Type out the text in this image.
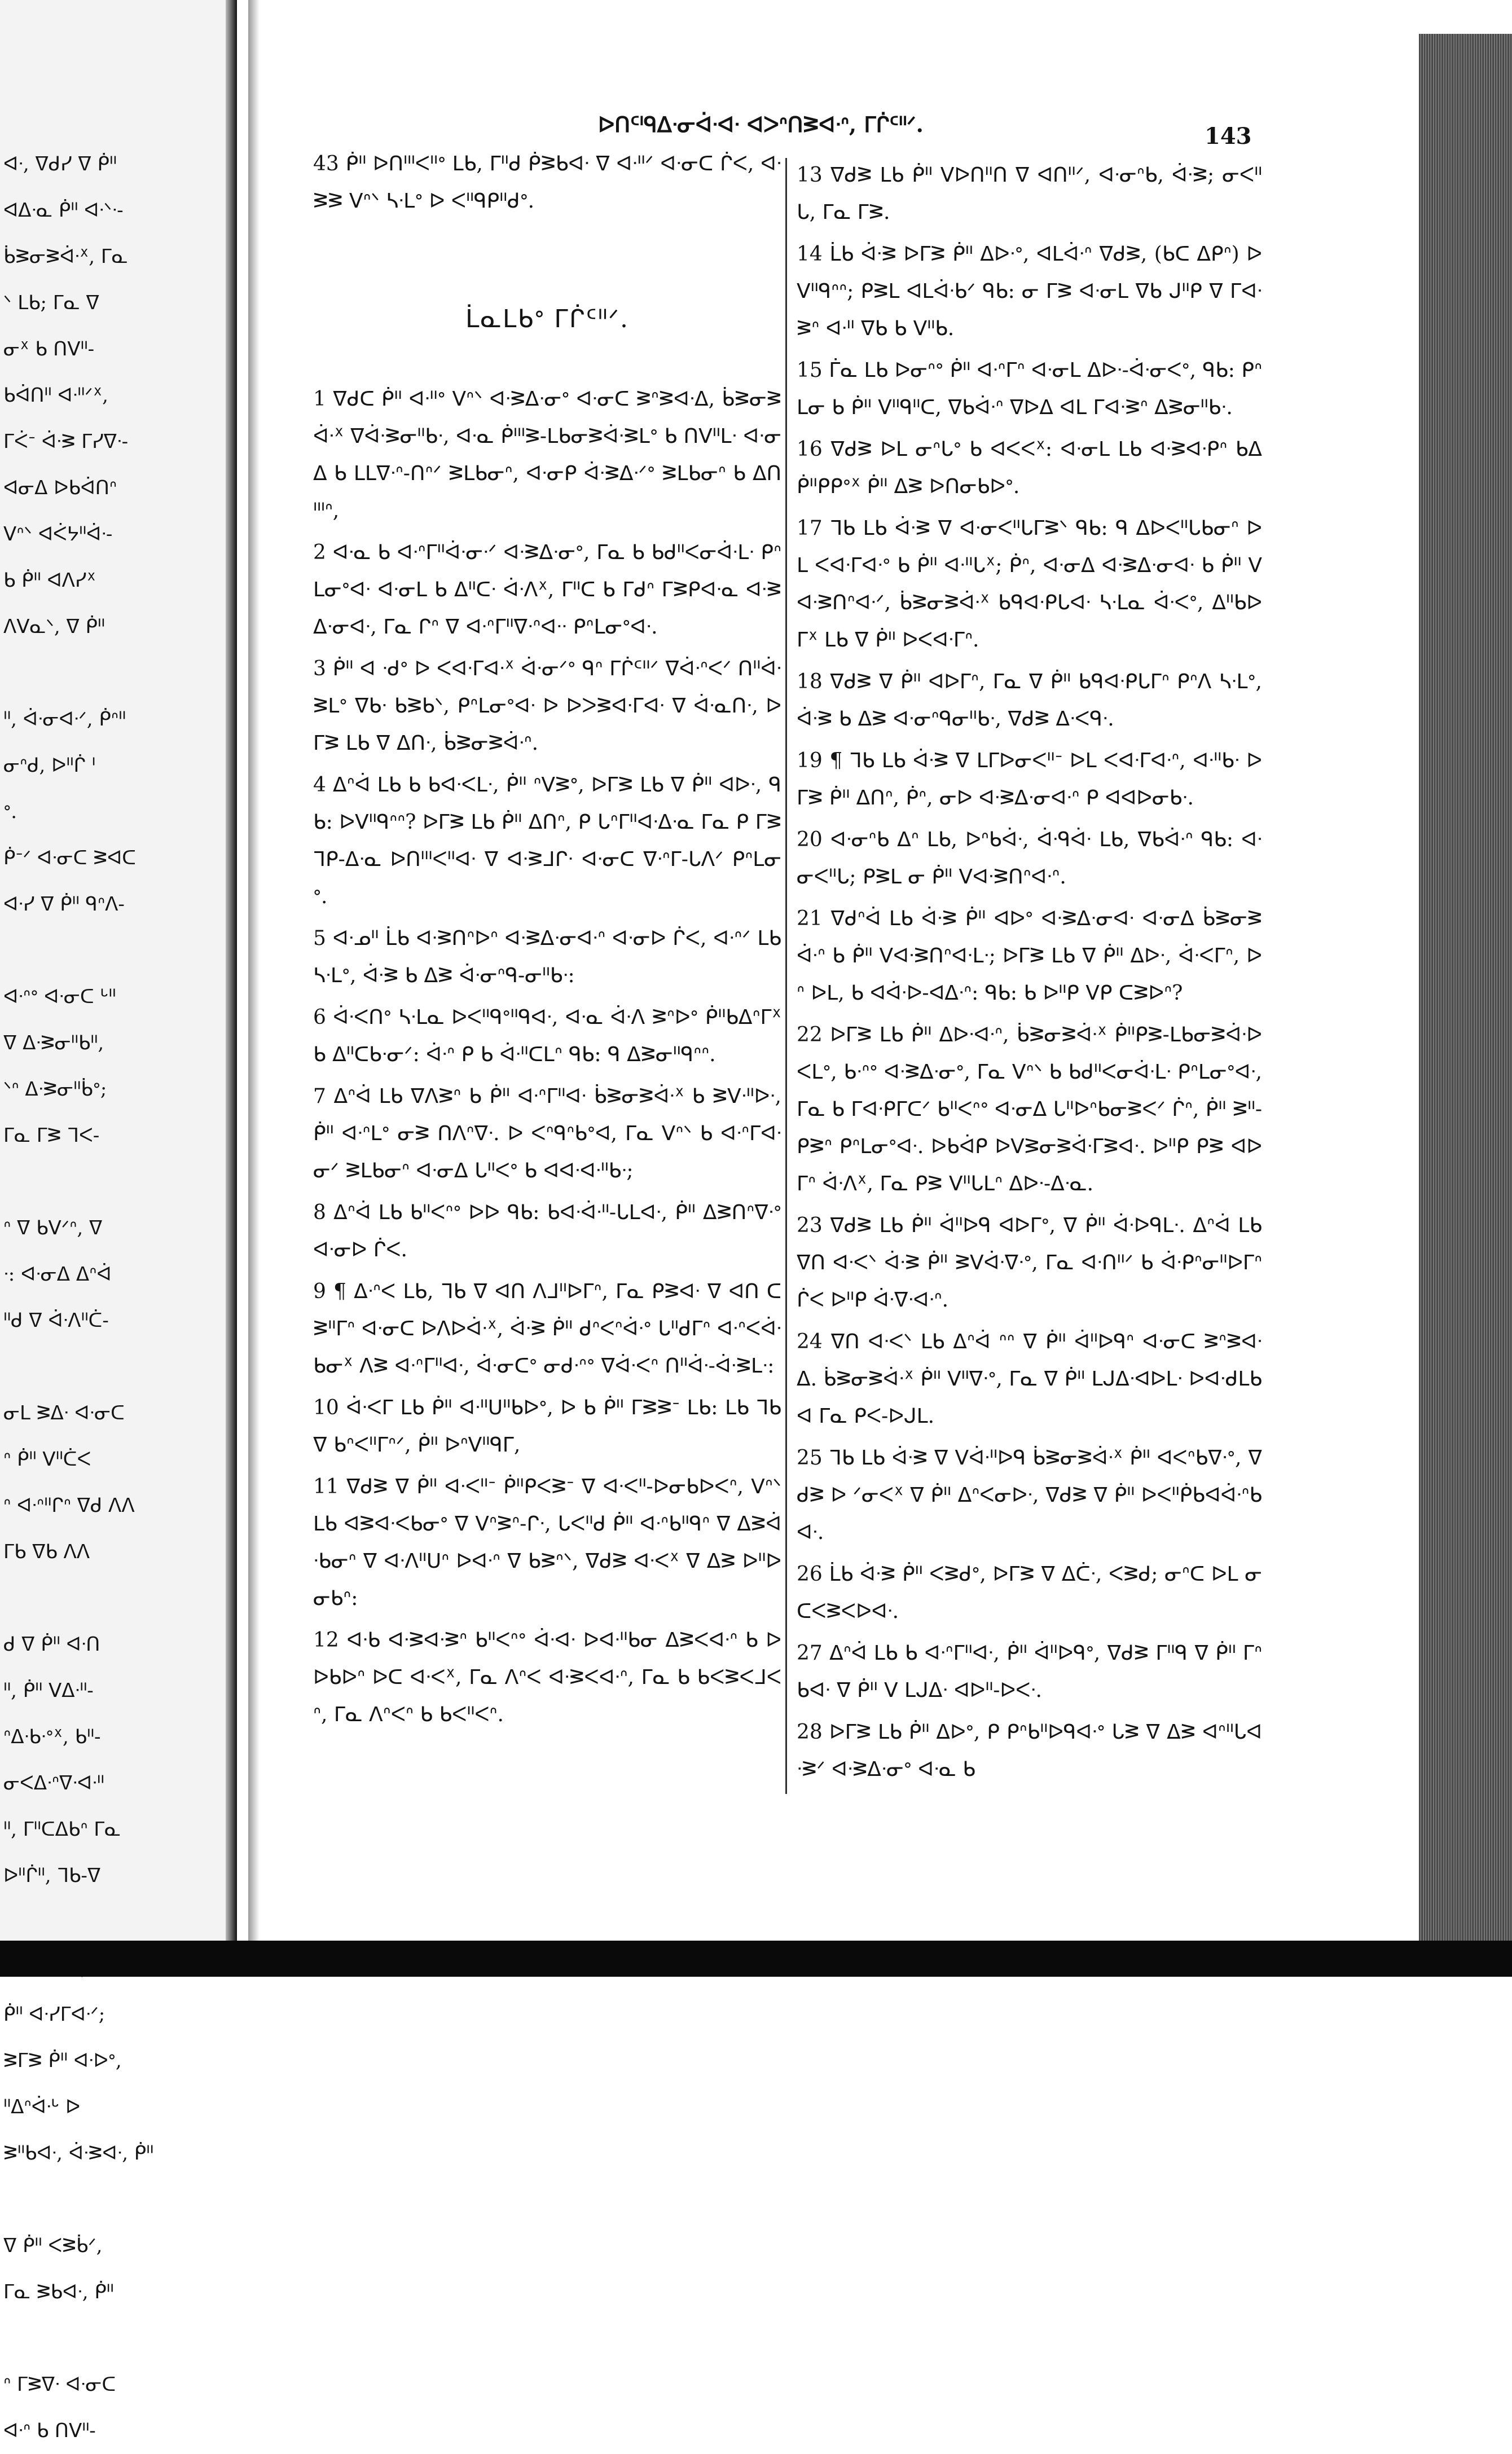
ᐊᐧ, ᐁᑯᓯ ᐁ ᑮᐦ
ᐊᐃᐧᓇ ᑮᐦ ᐊᐧᐠᐧ-
ᑳᕒᓂᕒᐋᐧᕽ, ᒥᓇ
ᐠ ᒪᑲ; ᒥᓇ ᐁ
ᓂᕽ ᑲ ᑎᐯᐦ-
ᑲᐋᑎᐦ ᐊᐧᐦᐟᕽ,
ᒥᐹᐨ ᐋᐧᕒ ᒥᓯᐁᐧ-
ᐊᓂᐃ ᐅᑲᐋᑎᐢ
ᐯᐢᐠ ᐊᐹᔭᐦᐋᐧ-
ᑲ ᑮᐦ ᐊᐱᓯᕽ
ᐱᐯᓇᐠ, ᐁ ᑮᐦ
ᐦ, ᐋᐧᓂᐊᐧᐟ, ᑮᐢᐦ
ᓂᐢᑯ, ᐅᐦᒌ ᑊ
ᐤ.
ᑮᐨᐟ ᐊᐧᓂᑕ ᕒᐊᑕ
ᐊᐧᓯ ᐁ ᑮᐦ ᑫᐢᐱ-
ᐊᐧᐢᐤ ᐊᐧᓂᑕ ᒡᐦ
ᐁ ᐃᐧᕒᓂᐦᑲᐦ,
ᐠᐢ ᐃᐧᕒᓂᐦᑳᐤ;
ᒥᓇ ᒥᕒ ᒣᐸ-
ᐢ ᐁ ᑲᐯᐟᐢ, ᐁ
ᐧ: ᐊᐧᓂᐃ ᐃᐢᐋ
ᐦᑯ ᐁ ᐋᐧᐱᐦᑖ-
ᓂᒪ ᕒᐃᐧ ᐊᐧᓂᑕ
ᐢ ᑮᐦ ᐯᐦᑖᐸ
ᐢ ᐊᐧᐢᐦᒋᐢ ᐁᑯ ᐱᐱ
ᒥᑲ ᐁᑲ ᐱᐱ
ᑯ ᐁ ᑮᐦ ᐊᐧᑎ
ᐦ, ᑮᐦ ᐯᐃᐧᐦ-
ᐢᐃᐧᑲᐧᐤᕽ, ᑲᐦ-
ᓂᐸᐃᐧᐢᐁᐧᐊᐧᐦ
ᐦ, ᒥᐦᑕᐃᑲᐢ ᒥᓇ
ᐅᐦᒌᐦ, ᒣᑲ-ᐁ
ᑮᐦ ᐊᐧᓯᒥᐊᐧᐟ;
ᕒᒥᕒ ᑮᐦ ᐊᐧᐅᐤ,
ᐦᐃᐢᐋᐧᒡ ᐅ
ᕒᐦᑲᐊᐧ, ᐋᐧᕒᐊᐧ, ᑮᐦ
ᐁ ᑮᐦ ᐸᕒᑳᐟ,
ᒥᓇ ᕒᑲᐊᐧ, ᑮᐦ
ᐢ ᒥᕒᐁᐧ ᐊᐧᓂᑕ
ᐊᐧᐢ ᑲ ᑎᐯᐦ-
ᐅᑎᑦᑊᑫᐃᐧᓂᐋᐧᐊᐧ ᐊᐳᐢᑎᕒᐊᐧᐢ, ᒥᒌᑦᐦᐟ.	143

43 ᑮᐦ ᐅᑎᐦᑊᐸᐦᐤ ᒪᑲ, ᒥᐦᑯ ᑮᕒᑲᐊᐧ ᐁ ᐊᐧᐦᐟ ᐊᐧᓂᑕ ᒌᐸ, ᐊᐧᕒᕒ ᐯᐢᐠ ᓴᐧᒪᐤ ᐅ ᐸᐦᑫᑭᐦᑯᐤ.

ᒫᓇᒪᑲᐤ ᒥᒌᑦᐦᐟ.

1 ᐁᑯᑕ ᑮᐦ ᐊᐧᐦᐤ ᐯᐢᐠ ᐊᐧᕒᐃᐧᓂᐤ ᐊᐧᓂᑕ ᕒᐢᕒᐊᐧᐃ, ᑳᕒᓂᕒᐋᐧᕽ ᐁᐋᐧᕒᓂᐦᑲᐧ, ᐊᐧᓇ ᑮᐦᑊᕒ-ᒪᑲᓂᕒᐋᐧᕒᒪᐤ ᑲ ᑎᐯᐦᒪᐧ ᐊᐧᓂᐃ ᑲ ᒪᒪᐁᐧᐢ-ᑎᐢᐟ ᕒᒪᑲᓂᐢ, ᐊᐧᓂᑭ ᐋᐧᕒᐃᐧᐟᐤ ᕒᒪᑲᓂᐢ ᑲ ᐃᑎᐦᑊᐢ,

2 ᐊᐧᓇ ᑲ ᐊᐧᐢᒥᐦᐋᐧᓂᐧᐟ ᐊᐧᕒᐃᐧᓂᐤ, ᒥᓇ ᑲ ᑲᑯᐦᐸᓂᐋᐧᒪᐧ ᑭᐢᒪᓂᐤᐊᐧ ᐊᐧᓂᒪ ᑲ ᐃᐦᑕᐧ ᐋᐧᐱᕽ, ᒥᐦᑕ ᑲ ᒥᑯᐢ ᒥᕒᑭᐊᐧᓇ ᐊᐧᕒᐃᐧᓂᐊᐧ, ᒥᓇ ᒋᐢ ᐁ ᐊᐧᐢᒥᐦᐁᐧᐢᐊᐧᐧ ᑭᐢᒪᓂᐤᐊᐧ.

3 ᑮᐦ ᐊ ᐧᑯᐤ ᐅ ᐸᐊᐧᒥᐊᐧᕽ ᐋᐧᓂᐟᐤ ᑫᐢ ᒥᒌᑦᐦᐟ ᐁᐋᐧᐢᐸᐟ ᑎᐦᐋᐧᕒᒪᐤ ᐁᑲᐧ ᑲᕒᑲᐠ, ᑭᐢᒪᓂᐤᐊᐧ ᐅ ᐅᐳᕒᐊᐧᒥᐊᐧ ᐁ ᐋᐧᓇᑎᐧ, ᐅᒥᕒ ᒪᑲ ᐁ ᐃᑎᐧ, ᑳᕒᓂᕒᐋᐧᐢ.

4 ᐃᐢᐋ ᒪᑲ ᑲ ᑲᐊᐧᐸᒪᐧ, ᑮᐦ ᐢᐯᕒᐤ, ᐅᒥᕒ ᒪᑲ ᐁ ᑮᐦ ᐊᐅᐧ, ᑫᑲ: ᐅᐯᐦᑫᐢᐢ? ᐅᒥᕒ ᒪᑲ ᑮᐦ ᐃᑎᐢ, ᑭ ᒐᐢᒥᐦᐊᐧᐃᐧᓇ ᒥᓇ ᑭ ᒥᕒᒣᑭ-ᐃᐧᓇ ᐅᑎᐦᑊᐸᐦᐊᐧ ᐁ ᐊᐧᕒᒧᒋᐧ ᐊᐧᓂᑕ ᐁᐧᐢᒥ-ᒐᐱᐟ ᑭᐢᒪᓂᐤ.

5 ᐊᐧᓄᐦ ᒫᑲ ᐊᐧᕒᑎᐢᐅᐢ ᐊᐧᕒᐃᐧᓂᐊᐧᐢ ᐊᐧᓂᐅ ᒌᐸ, ᐊᐧᐢᐟ ᒪᑲ ᓴᐧᒪᐤ, ᐋᐧᕒ ᑲ ᐃᕒ ᐋᐧᓂᐢᑫ-ᓂᐦᑲᐧ:

6 ᐋᐧᐸᑎᐤ ᓴᐧᒪᓇ ᐅᐸᐦᑫᐤᐦᑫᐊᐧ, ᐊᐧᓇ ᐋᐧᐱ ᕒᐢᐅᐤ ᑮᐦᑲᐃᐢᒥᕽ ᑲ ᐃᐦᑕᑲᐧᓂᐟ: ᐋᐧᐢ ᑭ ᑲ ᐋᐧᐦᑕᒪᐢ ᑫᑲ: ᑫ ᐃᕒᓂᐦᑫᐢᐢ.

7 ᐃᐢᐋ ᒪᑲ ᐁᐱᕒᐢ ᑲ ᑮᐦ ᐊᐧᐢᒥᐦᐊᐧ ᑳᕒᓂᕒᐋᐧᕽ ᑲ ᕒᐯᐧᐦᐅᐧ, ᑮᐦ ᐊᐧᐢᒪᐤ ᓂᕒ ᑎᐱᐢᐁᐧ. ᐅ ᐸᐢᑫᐢᑲᐤᐊ, ᒥᓇ ᐯᐢᐠ ᑲ ᐊᐧᐢᒥᐊᐧᓂᐟ ᕒᒪᑲᓂᐢ ᐊᐧᓂᐃ ᒐᐦᐸᐤ ᑲ ᐊᐊᐧᐊᐧᐦᑲᐧ;

8 ᐃᐢᐋ ᒪᑲ ᑲᐦᐸᐢᐤ ᐅᐅ ᑫᑲ: ᑲᐊᐧᐋᐧᐦ-ᒐᒪᐊᐧ, ᑮᐦ ᐃᕒᑎᐢᐁᐧᐤ ᐊᐧᓂᐅ ᒌᐸ.

9 ¶ ᐃᐧᐢᐸ ᒪᑲ, ᒣᑲ ᐁ ᐊᑎ ᐱᒧᐦᐅᒥᐢ, ᒥᓇ ᑭᕒᐊᐧ ᐁ ᐊᑎ ᑕᕒᐦᒥᐢ ᐊᐧᓂᑕ ᐅᐱᐅᐋᐧᕽ, ᐋᐧᕒ ᑮᐦ ᑯᐢᐸᐢᐋᐧᐤ ᒐᐦᑯᒥᐢ ᐊᐧᐢᐸᐋᐧᑲᓂᕽ ᐱᕒ ᐊᐧᐢᒥᐦᐊᐧ, ᐋᐧᓂᑕᐤ ᓂᑯᐧᐢᐤ ᐁᐋᐧᐸᐢ ᑎᐦᐋᐧ-ᐋᐧᕒᒪᐧ:

10 ᐋᐧᐸᒥ ᒪᑲ ᑮᐦ ᐊᐧᐦᑌᐦᑲᐅᐤ, ᐅ ᑲ ᑮᐦ ᒥᕒᕒᐨ ᒪᑲ: ᒪᑲ ᒣᑲ ᐁ ᑲᐢᐸᐦᒥᐢᐟ, ᑮᐦ ᐅᐢᐯᐦᑫᒥ,

11 ᐁᑯᕒ ᐁ ᑮᐦ ᐊᐧᐸᐦᐨ ᑮᐦᑭᐸᕒᐨ ᐁ ᐊᐧᐸᐦ-ᐅᓂᑲᐅᐸᐢ, ᐯᐢᐠ ᒪᑲ ᐊᕒᐊᐧᐸᑲᓂᐤ ᐁ ᐯᐢᕒᐢ-ᒋᐧ, ᒐᐸᐦᑯ ᑮᐦ ᐊᐧᐢᑲᐦᑫᐢ ᐁ ᐃᕒᐋᐧᑲᓂᐢ ᐁ ᐊᐧᐱᐦᑌᐢ ᐅᐊᐧᐢ ᐁ ᑲᕒᐢᐠ, ᐁᑯᕒ ᐊᐧᐸᕽ ᐁ ᐃᕒ ᐅᐦᐅᓂᑲᐢ:

12 ᐊᐧᑲ ᐊᐧᕒᐊᐧᕒᐢ ᑲᐦᐸᐢᐤ ᐋᐧᐊᐧ ᐅᐊᐧᐦᑲᓂ ᐃᕒᐸᐊᐧᐢ ᑲ ᐅᐅᑲᐅᐢ ᐅᑕ ᐊᐧᐸᕽ, ᒥᓇ ᐱᐢᐸ ᐊᐧᕒᐸᐊᐧᐢ, ᒥᓇ ᑲ ᑲᐸᕒᐸᒧᐸᐢ, ᒥᓇ ᐱᐢᐸᐢ ᑲ ᑲᐸᐦᐸᐢ.

13 ᐁᑯᕒ ᒪᑲ ᑮᐦ ᐯᐅᑎᐦᑎ ᐁ ᐊᑎᐦᐟ, ᐊᐧᓂᐢᑲ, ᐋᐧᕒ; ᓂᐸᐦᒐ, ᒥᓇ ᒥᕒ.

14 ᒫᑲ ᐋᐧᕒ ᐅᒥᕒ ᑮᐦ ᐃᐅᐧᐤ, ᐊᒪᐋᐧᐢ ᐁᑯᕒ, (ᑲᑕ ᐃᑭᐢ) ᐅᐯᐦᑫᐢᐢ; ᑭᕒᒪ ᐊᒪᐋᐧᑲᐟ ᑫᑲ: ᓂ ᒥᕒ ᐊᐧᓂᒪ ᐁᑲ ᒍᐦᑭ ᐁ ᒥᐊᐧᕒᐢ ᐊᐧᐦ ᐁᑲ ᑲ ᐯᐦᑲ.

15 ᒦᓇ ᒪᑲ ᐅᓂᐢᐤ ᑮᐦ ᐊᐧᐢᒥᐢ ᐊᐧᓂᒪ ᐃᐅᐧ-ᐋᐧᓂᐸᐤ, ᑫᑲ: ᑭᐢᒪᓂ ᑲ ᑮᐦ ᐯᐦᑫᐦᑕ, ᐁᑲᐋᐧᐢ ᐁᐅᐃ ᐊᒪ ᒥᐊᐧᕒᐢ ᐃᕒᓂᐦᑲᐧ.

16 ᐁᑯᕒ ᐅᒪ ᓂᐢᒐᐤ ᑲ ᐊᐸᐸᕽ: ᐊᐧᓂᒪ ᒪᑲ ᐊᐧᕒᐊᐧᑭᐢ ᑲᐃ ᑮᐦᑭᑭᐤᕽ ᑮᐦ ᐃᕒ ᐅᑎᓂᑲᐅᐤ.

17 ᒣᑲ ᒪᑲ ᐋᐧᕒ ᐁ ᐊᐧᓂᐸᐦᒐᒥᕒᐠ ᑫᑲ: ᑫ ᐃᐅᐸᐦᒐᑲᓂᐢ ᐅᒪ ᐸᐊᐧᒥᐊᐧᐤ ᑲ ᑮᐦ ᐊᐧᐦᒐᕽ; ᑮᐢ, ᐊᐧᓂᐃ ᐊᐧᕒᐃᐧᓂᐊᐧ ᑲ ᑮᐦ ᐯᐊᐧᕒᑎᐢᐊᐧᐟ, ᑳᕒᓂᕒᐋᐧᕽ ᑲᑫᐊᐧᑭᒐᐊᐧ ᓴᐧᒪᓇ ᐋᐧᐸᐤ, ᐃᐦᑲᐅᒥᕽ ᒪᑲ ᐁ ᑮᐦ ᐅᐸᐊᐧᒥᐢ.

18 ᐁᑯᕒ ᐁ ᑮᐦ ᐊᐅᒥᐢ, ᒥᓇ ᐁ ᑮᐦ ᑲᑫᐊᐧᑭᒐᒥᐢ ᑭᐢᐱ ᓴᐧᒪᐤ, ᐋᐧᕒ ᑲ ᐃᕒ ᐊᐧᓂᐢᑫᓂᐦᑲᐧ, ᐁᑯᕒ ᐃᐧᐸᑫᐧ.

19 ¶ ᒣᑲ ᒪᑲ ᐋᐧᕒ ᐁ ᒪᒥᐅᓂᐸᐦᐨ ᐅᒪ ᐸᐊᐧᒥᐊᐧᐢ, ᐊᐧᐦᑲᐧ ᐅᒥᕒ ᑮᐦ ᐃᑎᐢ, ᑮᐢ, ᓂᐅ ᐊᐧᕒᐃᐧᓂᐊᐧᐢ ᑭ ᐊᐊᐅᓂᑲᐧ.

20 ᐊᐧᓂᐢᑲ ᐃᐢ ᒪᑲ, ᐅᐢᑲᐋᐧ, ᐋᐧᑫᐋᐧ ᒪᑲ, ᐁᑲᐋᐧᐢ ᑫᑲ: ᐊᐧᓂᐸᐦᒐ; ᑭᕒᒪ ᓂ ᑮᐦ ᐯᐊᐧᕒᑎᐢᐊᐧᐢ.

21 ᐁᑯᐢᐋ ᒪᑲ ᐋᐧᕒ ᑮᐦ ᐊᐅᐤ ᐊᐧᕒᐃᐧᓂᐊᐧ ᐊᐧᓂᐃ ᑳᕒᓂᕒᐋᐧᐢ ᑲ ᑮᐦ ᐯᐊᐧᕒᑎᐢᐊᐧᒪᐧ; ᐅᒥᕒ ᒪᑲ ᐁ ᑮᐦ ᐃᐅᐧ, ᐋᐧᐸᒥᐢ, ᐅᐢ ᐅᒪ, ᑲ ᐊᐋᐧᐅ-ᐊᐃᐧᐢ: ᑫᑲ: ᑲ ᐅᐦᑭ ᐯᑭ ᑕᕒᐅᐢ?

22 ᐅᒥᕒ ᒪᑲ ᑮᐦ ᐃᐅᐧᐊᐧᐢ, ᑳᕒᓂᕒᐋᐧᕽ ᑮᐦᑭᕒ-ᒪᑲᓂᕒᐋᐧᐅᐸᒪᐤ, ᑲᐧᐢᐤ ᐊᐧᕒᐃᐧᓂᐤ, ᒥᓇ ᐯᐢᐠ ᑲ ᑲᑯᐦᐸᓂᐋᐧᒪᐧ ᑭᐢᒪᓂᐤᐊᐧ, ᒥᓇ ᑲ ᒥᐊᐧᑭᒥᑕᐟ ᑲᐦᐸᐢᐤ ᐊᐧᓂᐃ ᒐᐦᐅᐢᑲᓂᕒᐸᐟ ᒌᐢ, ᑮᐦ ᕒᐦ-ᑭᕒᐢ ᑭᐢᒪᓂᐤᐊᐧ. ᐅᑲᐋᑭ ᐅᐯᕒᓂᕒᐋᐧᒥᕒᐊᐧ. ᐅᐦᑭ ᑭᕒ ᐊᐅᒥᐢ ᐋᐧᐱᕽ, ᒥᓇ ᑭᕒ ᐯᐦᒐᒪᐢ ᐃᐅᐧ-ᐃᐧᓇ.

23 ᐁᑯᕒ ᒪᑲ ᑮᐦ ᐋᐦᐅᑫ ᐊᐅᒥᐤ, ᐁ ᑮᐦ ᐋᐧᐅᑫᒪᐧ. ᐃᐢᐋ ᒪᑲ ᐁᑎ ᐊᐧᐸᐠ ᐋᐧᕒ ᑮᐦ ᕒᐯᐋᐧᐁᐧᐤ, ᒥᓇ ᐊᐧᑎᐦᐟ ᑲ ᐋᐧᑭᐢᓂᐦᐅᒥᐢ ᒌᐸ ᐅᐦᑭ ᐋᐧᐁᐧᐊᐧᐢ.

24 ᐁᑎ ᐊᐧᐸᐠ ᒪᑲ ᐃᐢᐋ ᐢᐢ ᐁ ᑮᐦ ᐋᐦᐅᑫᐢ ᐊᐧᓂᑕ ᕒᐢᕒᐊᐧᐃ. ᑳᕒᓂᕒᐋᐧᕽ ᑮᐦ ᐯᐦᐁᐧᐤ, ᒥᓇ ᐁ ᑮᐦ ᒪᒍᐃᐧᐊᐅᒪᐧ ᐅᐊᐧᑯᒪᑲᐊ ᒥᓇ ᑭᐸ-ᐅᒍᒪ.

25 ᒣᑲ ᒪᑲ ᐋᐧᕒ ᐁ ᐯᐋᐧᐦᐅᑫ ᑳᕒᓂᕒᐋᐧᕽ ᑮᐦ ᐊᐸᐢᑲᐁᐧᐤ, ᐁᑯᕒ ᐅ ᐟᓂᐸᕽ ᐁ ᑮᐦ ᐃᐢᐸᓂᐅᐧ, ᐁᑯᕒ ᐁ ᑮᐦ ᐅᐸᐦᑮᑲᐊᐋᐧᐢᑲᐊᐧ.

26 ᒫᑲ ᐋᐧᕒ ᑮᐦ ᐸᕒᑯᐤ, ᐅᒥᕒ ᐁ ᐃᑖᐧ, ᐸᕒᑯ; ᓂᐢᑕ ᐅᒪ ᓂ ᑕᐸᕒᐸᐅᐊᐧ.

27 ᐃᐢᐋ ᒪᑲ ᑲ ᐊᐧᐢᒥᐦᐊᐧ, ᑮᐦ ᐋᐦᐅᑫᐤ, ᐁᑯᕒ ᒥᐦᑫ ᐁ ᑮᐦ ᒥᐢᑲᐊᐧ ᐁ ᑮᐦ ᐯ ᒪᒍᐃᐧ ᐊᐅᐦ-ᐅᐸᐧ.

28 ᐅᒥᕒ ᒪᑲ ᑮᐦ ᐃᐅᐤ, ᑭ ᑭᐢᑲᐦᐅᑫᐊᐧᐤ ᒐᕒ ᐁ ᐃᕒ ᐊᐢᐦᒐᐊᐧᕒᐟ ᐊᐧᕒᐃᐧᓂᐤ ᐊᐧᓇ ᑲ
